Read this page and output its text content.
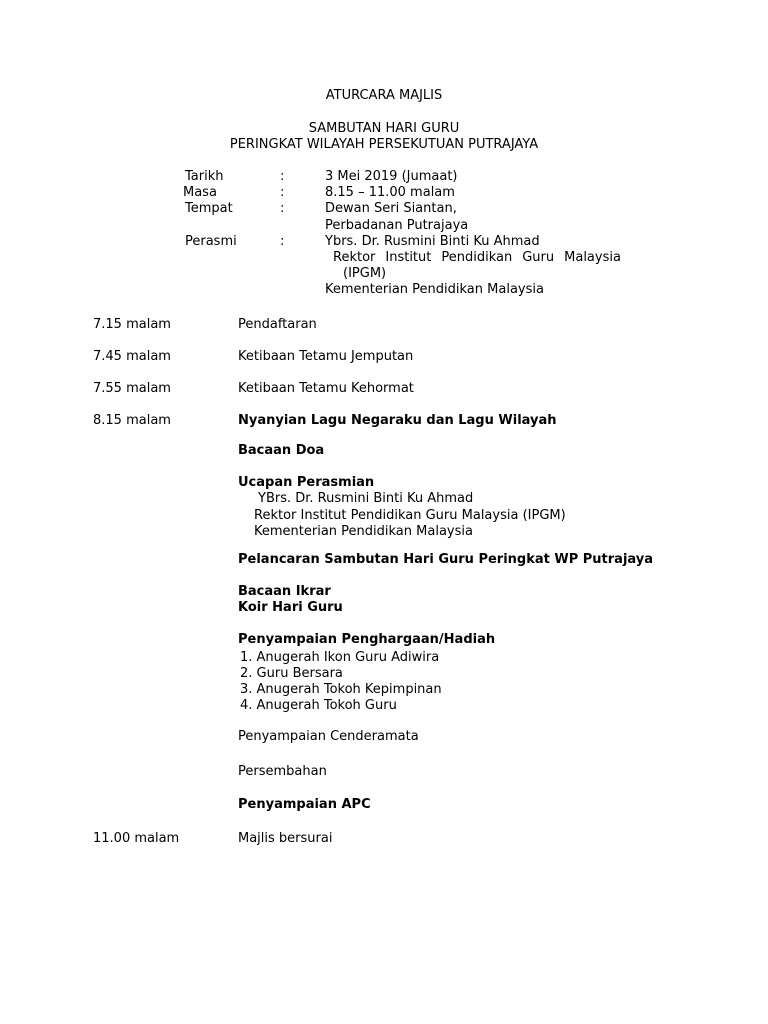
ATURCARA MAJLIS
SAMBUTAN HARI GURU
PERINGKAT WILAYAH PERSEKUTUAN PUTRAJAYA
Tarikh	:	3 Mei 2019 (Jumaat)
Masa	:	8.15 – 11.00 malam
Tempat	:	Dewan Seri Siantan,
Perbadanan Putrajaya
Perasmi	:	Ybrs. Dr. Rusmini Binti Ku Ahmad
Rektor Institut Pendidikan Guru Malaysia
(IPGM)
Kementerian Pendidikan Malaysia
7.15 malam	Pendaftaran
7.45 malam	Ketibaan Tetamu Jemputan
7.55 malam	Ketibaan Tetamu Kehormat
8.15 malam	Nyanyian Lagu Negaraku dan Lagu Wilayah
Bacaan Doa
Ucapan Perasmian
YBrs. Dr. Rusmini Binti Ku Ahmad
Rektor Institut Pendidikan Guru Malaysia (IPGM)
Kementerian Pendidikan Malaysia
Pelancaran Sambutan Hari Guru Peringkat WP Putrajaya
Bacaan Ikrar
Koir Hari Guru
Penyampaian Penghargaan/Hadiah
1. Anugerah Ikon Guru Adiwira
2. Guru Bersara
3. Anugerah Tokoh Kepimpinan
4. Anugerah Tokoh Guru
Penyampaian Cenderamata
Persembahan
Penyampaian APC
11.00 malam	Majlis bersurai
